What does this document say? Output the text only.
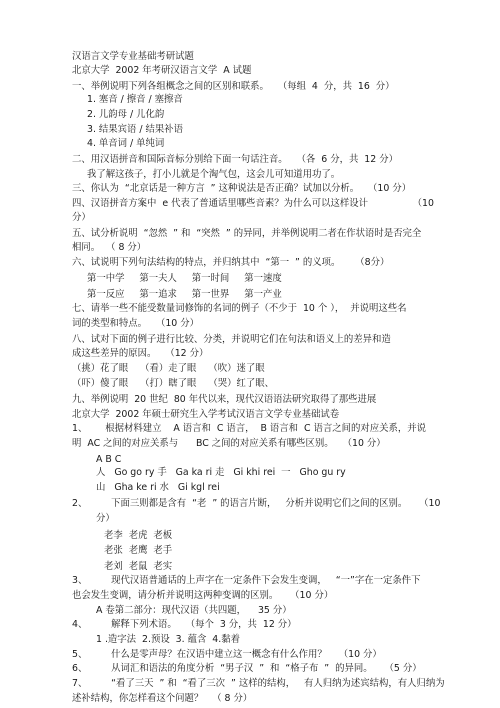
汉语言文学专业基础考研试题
北京大学  2002 年考研汉语言文学  A 试题
一、举例说明下列各组概念之间的区别和联系。   （每组  4  分，共  16  分）
1. 塞音 / 擦音 / 塞擦音
2. 儿韵母 / 儿化韵
3. 结果宾语 / 结果补语
4. 单音词 / 单纯词
二、用汉语拼音和国际音标分别给下面一句话注音。   （各  6 分，共  12 分）
我了解这孩子，打小儿就是个淘气包，这会儿可知道用功了。
三、你认为  “北京话是一种方言  ” 这种说法是否正确？试加以分析。   （10 分）
四、汉语拼音方案中  e 代表了普通话里哪些音素？为什么可以这样设计               （10
分）
五、试分析说明  “忽然  ” 和  “突然  ” 的异同，并举例说明二者在作状语时是否完全
相同。  （ 8 分）
六、试说明下列句法结构的特点，并归纳其中  “第一  ” 的义项。     （8分）
第一中学     第一夫人     第一时间     第一速度
第一反应     第一追求     第一世界     第一产业
七、请举一些不能受数量词修饰的名词的例子（不少于  10 个 ），  并说明这些名
词的类型和特点。   （10 分）
八、试对下面的例子进行比较、分类，并说明它们在句法和语义上的差异和造
成这些差异的原因。   （12 分）
（挑）花了眼    （看）走了眼    （吹）迷了眼
（吓）傻了眼    （打）瞎了眼    （哭）红了眼、
九、举例说明  20 世纪  80 年代以来，现代汉语语法研究取得了那些进展
北京大学  2002 年硕士研究生入学考试汉语言文学专业基础试卷
1、      根据材料建立    A 语言和  C 语言，  B 语言和  C 语言之间的对应关系，并说
明  AC 之间的对应关系与      BC 之间的对应关系有哪些区别。   （10 分）
A B C
人   Go go ry 手   Ga ka ri 走   Gi khi rei  一   Gho gu ry
山   Gha ke ri 水   Gi kgl rei
2、        下面三则都是含有  “老  ” 的语言片断，   分析并说明它们之间的区别。    （10
分）
老李  老虎  老板
老张  老鹰  老手
老刘  老鼠  老实
3、        现代汉语普通话的上声字在一定条件下会发生变调，   “一”字在一定条件下
也会发生变调，请分析并说明这两种变调的区别。    （10 分）
A 卷第二部分：现代汉语（共四题，    35 分）
4、        解释下列术语。   （每个  3 分，共  12 分）
1 .造字法  2.预设  3. 蕴含  4.黏着
5、        什么是零声母？在汉语中建立这一概念有什么作用？    （10 分）
6、        从词汇和语法的角度分析  “男子汉  ”  和  “格子布  ”  的异同。    （5 分）
7、        “看了三天  ” 和  “看了三次  ” 这样的结构，   有人归纳为述宾结构，有人归纳为
述补结构，你怎样看这个问题？   （ 8 分）
